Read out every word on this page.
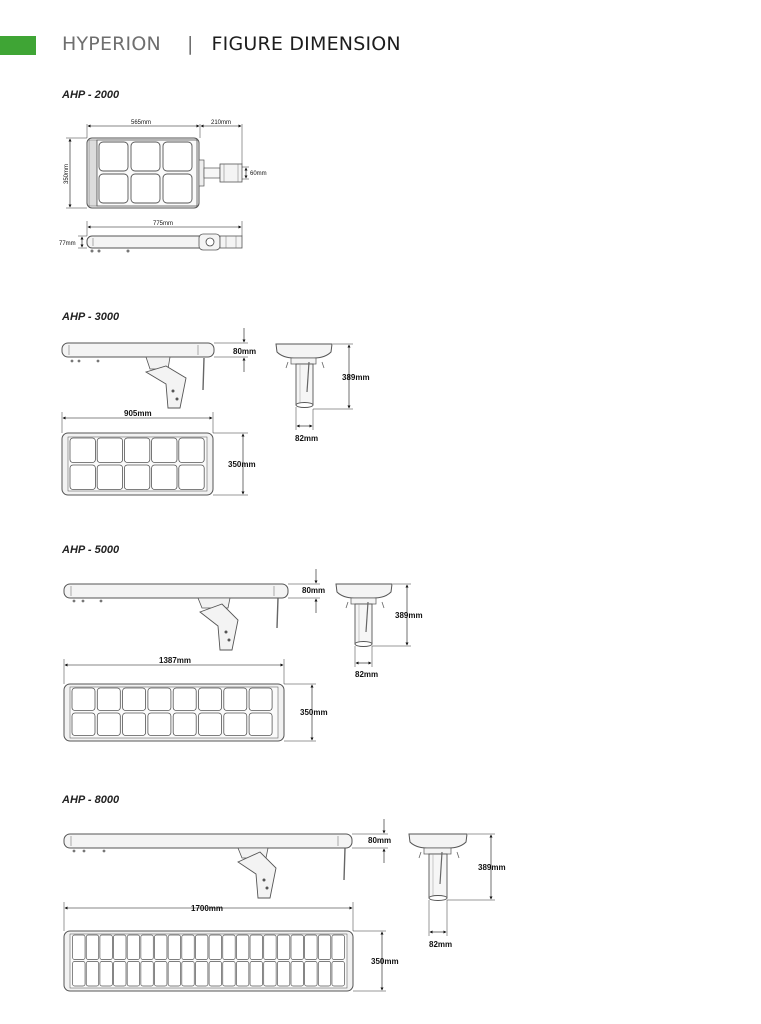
HYPERION | FIGURE DIMENSION
AHP - 2000
AHP - 3000
AHP - 5000
AHP - 8000
565mm	210mm
350mm	60mm
775mm
77mm
80mm
389mm
82mm
905mm
350mm
80mm
389mm
82mm
1387mm
350mm
80mm
389mm
82mm
1700mm
350mm
